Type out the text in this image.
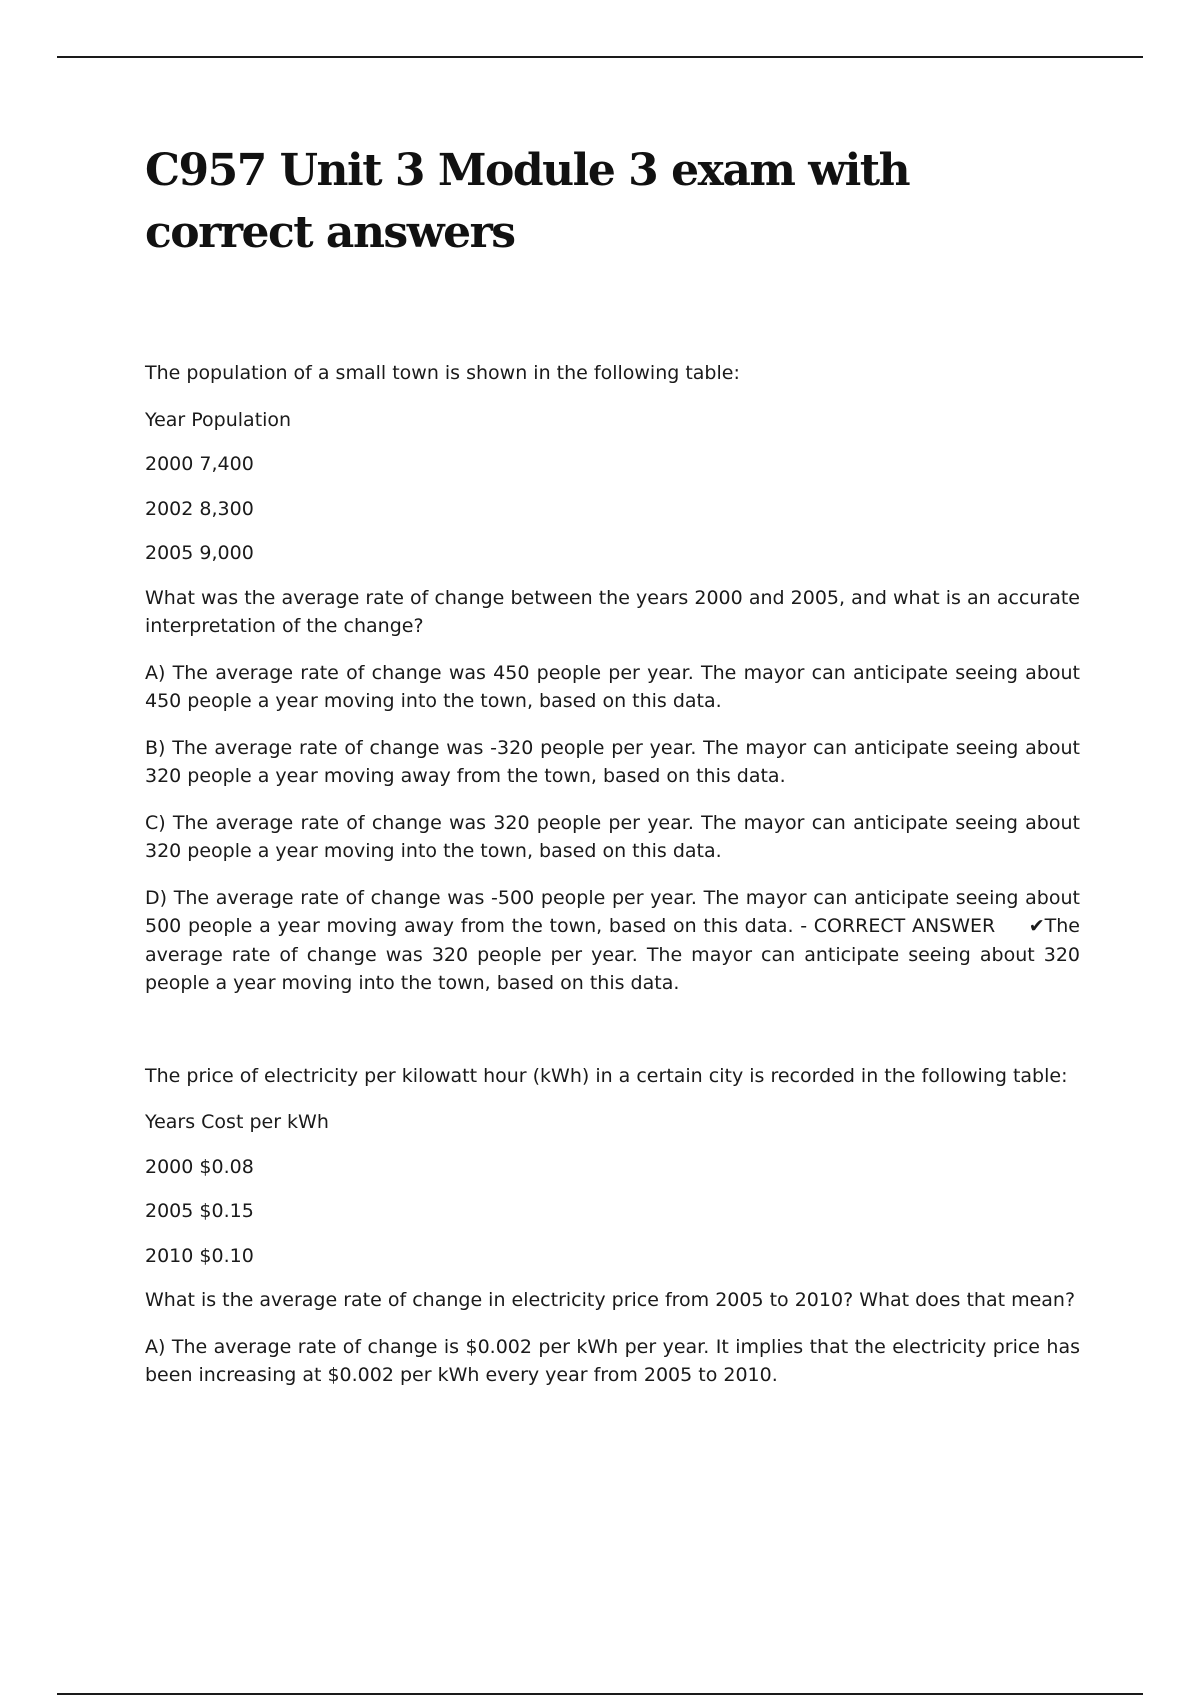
C957 Unit 3 Module 3 exam with correct answers

The population of a small town is shown in the following table:

Year Population

2000 7,400

2002 8,300

2005 9,000

What was the average rate of change between the years 2000 and 2005, and what is an accurate interpretation of the change?

A) The average rate of change was 450 people per year. The mayor can anticipate seeing about 450 people a year moving into the town, based on this data.

B) The average rate of change was -320 people per year. The mayor can anticipate seeing about 320 people a year moving away from the town, based on this data.

C) The average rate of change was 320 people per year. The mayor can anticipate seeing about 320 people a year moving into the town, based on this data.

D) The average rate of change was -500 people per year. The mayor can anticipate seeing about 500 people a year moving away from the town, based on this data. - CORRECT ANSWER ✔The average rate of change was 320 people per year. The mayor can anticipate seeing about 320 people a year moving into the town, based on this data.

The price of electricity per kilowatt hour (kWh) in a certain city is recorded in the following table:

Years Cost per kWh

2000 $0.08

2005 $0.15

2010 $0.10

What is the average rate of change in electricity price from 2005 to 2010? What does that mean?

A) The average rate of change is $0.002 per kWh per year. It implies that the electricity price has been increasing at $0.002 per kWh every year from 2005 to 2010.
